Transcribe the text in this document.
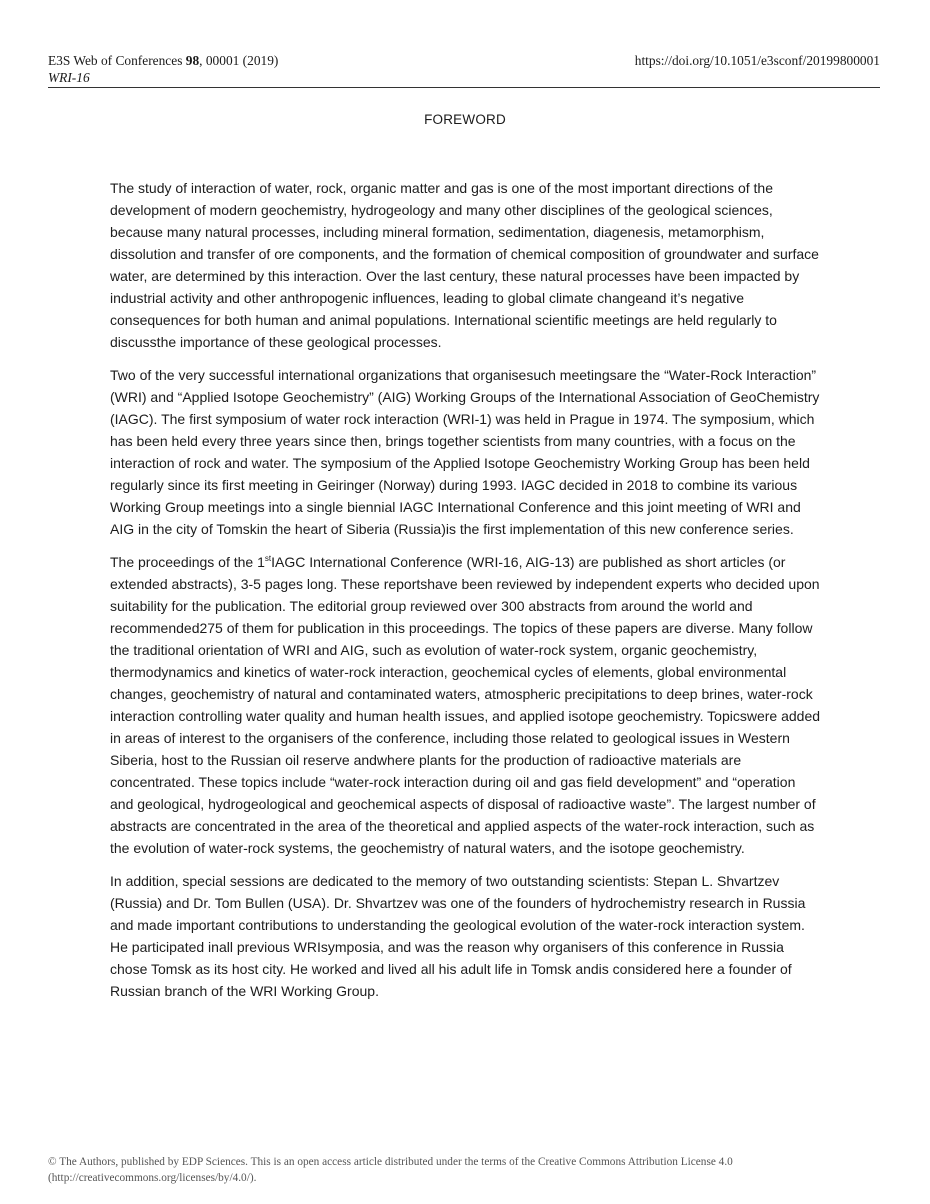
E3S Web of Conferences 98, 00001 (2019)
WRI-16
https://doi.org/10.1051/e3sconf/20199800001
FOREWORD

The study of interaction of water, rock, organic matter and gas is one of the most important directions of the development of modern geochemistry, hydrogeology and many other disciplines of the geological sciences, because many natural processes, including mineral formation, sedimentation, diagenesis, metamorphism, dissolution and transfer of ore components, and the formation of chemical composition of groundwater and surface water, are determined by this interaction. Over the last century, these natural processes have been impacted by industrial activity and other anthropogenic influences, leading to global climate changeand it’s negative consequences for both human and animal populations. International scientific meetings are held regularly to discussthe importance of these geological processes.

Two of the very successful international organizations that organisesuch meetingsare the “Water-Rock Interaction” (WRI) and “Applied Isotope Geochemistry” (AIG) Working Groups of the International Association of GeoChemistry (IAGC). The first symposium of water rock interaction (WRI-1) was held in Prague in 1974. The symposium, which has been held every three years since then, brings together scientists from many countries, with a focus on the interaction of rock and water. The symposium of the Applied Isotope Geochemistry Working Group has been held regularly since its first meeting in Geiringer (Norway) during 1993. IAGC decided in 2018 to combine its various Working Group meetings into a single biennial IAGC International Conference and this joint meeting of WRI and AIG in the city of Tomskin the heart of Siberia (Russia)is the first implementation of this new conference series.

The proceedings of the 1stIAGC International Conference (WRI-16, AIG-13) are published as short articles (or extended abstracts), 3-5 pages long. These reportshave been reviewed by independent experts who decided upon suitability for the publication. The editorial group reviewed over 300 abstracts from around the world and recommended275 of them for publication in this proceedings. The topics of these papers are diverse. Many follow the traditional orientation of WRI and AIG, such as evolution of water-rock system, organic geochemistry, thermodynamics and kinetics of water-rock interaction, geochemical cycles of elements, global environmental changes, geochemistry of natural and contaminated waters, atmospheric precipitations to deep brines, water-rock interaction controlling water quality and human health issues, and applied isotope geochemistry. Topicswere added in areas of interest to the organisers of the conference, including those related to geological issues in Western Siberia, host to the Russian oil reserve andwhere plants for the production of radioactive materials are concentrated. These topics include “water-rock interaction during oil and gas field development” and “operation and geological, hydrogeological and geochemical aspects of disposal of radioactive waste”. The largest number of abstracts are concentrated in the area of the theoretical and applied aspects of the water-rock interaction, such as the evolution of water-rock systems, the geochemistry of natural waters, and the isotope geochemistry.

In addition, special sessions are dedicated to the memory of two outstanding scientists: Stepan L. Shvartzev (Russia) and Dr. Tom Bullen (USA). Dr. Shvartzev was one of the founders of hydrochemistry research in Russia and made important contributions to understanding the geological evolution of the water-rock interaction system. He participated inall previous WRIsymposia, and was the reason why organisers of this conference in Russia chose Tomsk as its host city. He worked and lived all his adult life in Tomsk andis considered here a founder of Russian branch of the WRI Working Group.

© The Authors, published by EDP Sciences. This is an open access article distributed under the terms of the Creative Commons Attribution License 4.0
(http://creativecommons.org/licenses/by/4.0/).
